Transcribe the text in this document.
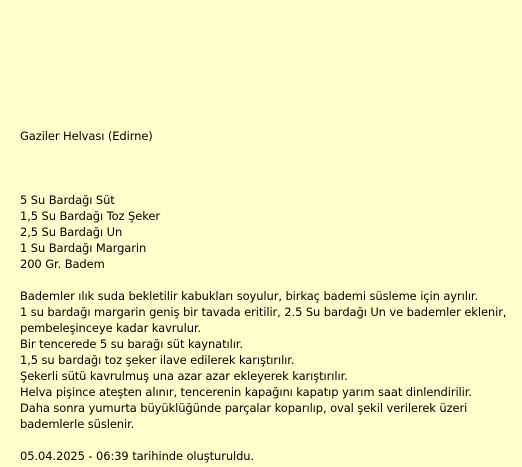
Gaziler Helvası (Edirne)
5 Su Bardağı Süt
1,5 Su Bardağı Toz Şeker
2,5 Su Bardağı Un
1 Su Bardağı Margarin
200 Gr. Badem
Bademler ılık suda bekletilir kabukları soyulur, birkaç bademi süsleme için ayrılır.
1 su bardağı margarin geniş bir tavada eritilir, 2.5 Su bardağı Un ve bademler eklenir, pembeleşinceye kadar kavrulur.
Bir tencerede 5 su barağı süt kaynatılır.
1,5 su bardağı toz şeker ilave edilerek karıştırılır.
Şekerli sütü kavrulmuş una azar azar ekleyerek karıştırılır.
Helva pişince ateşten alınır, tencerenin kapağını kapatıp yarım saat dinlendirilir.
Daha sonra yumurta büyüklüğünde parçalar koparılıp, oval şekil verilerek üzeri bademlerle süslenir.
05.04.2025 - 06:39 tarihinde oluşturuldu.
